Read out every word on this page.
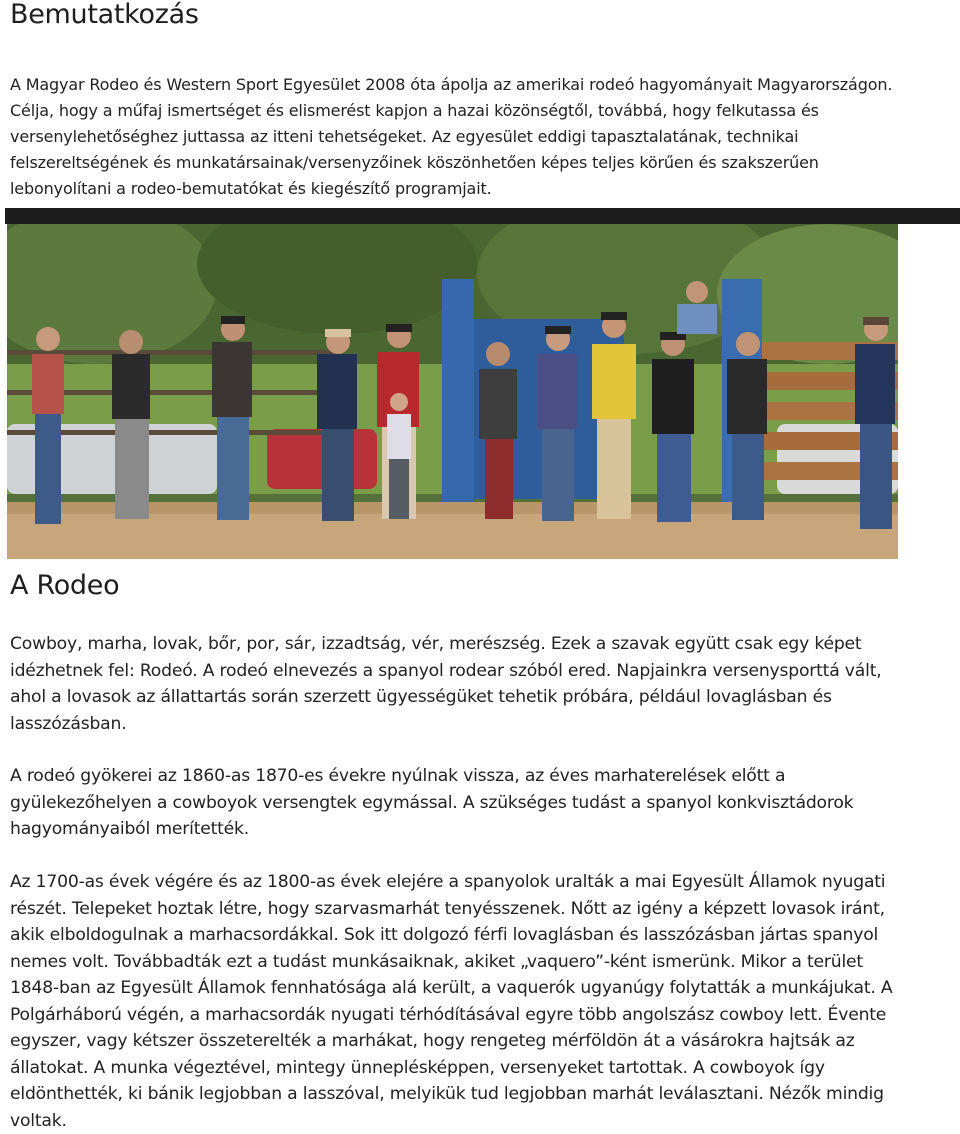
Bemutatkozás

A Magyar Rodeo és Western Sport Egyesület 2008 óta ápolja az amerikai rodeó hagyományait Magyarországon. Célja, hogy a műfaj ismertséget és elismerést kapjon a hazai közönségtől, továbbá, hogy felkutassa és versenylehetőséghez juttassa az itteni tehetségeket. Az egyesület eddigi tapasztalatának, technikai felszereltségének és munkatársainak/versenyzőinek köszönhetően képes teljes körűen és szakszerűen lebonyolítani a rodeo-bemutatókat és kiegészítő programjait.

A Rodeo

Cowboy, marha, lovak, bőr, por, sár, izzadtság, vér, merészség. Ezek a szavak együtt csak egy képet idézhetnek fel: Rodeó. A rodeó elnevezés a spanyol rodear szóból ered. Napjainkra versenysporttá vált, ahol a lovasok az állattartás során szerzett ügyességüket tehetik próbára, például lovaglásban és lasszózásban.

A rodeó gyökerei az 1860-as 1870-es évekre nyúlnak vissza, az éves marhaterelések előtt a gyülekezőhelyen a cowboyok versengtek egymással. A szükséges tudást a spanyol konkvisztádorok hagyományaiból merítették.

Az 1700-as évek végére és az 1800-as évek elejére a spanyolok uralták a mai Egyesült Államok nyugati részét. Telepeket hoztak létre, hogy szarvasmarhát tenyésszenek. Nőtt az igény a képzett lovasok iránt, akik elboldogulnak a marhacsordákkal. Sok itt dolgozó férfi lovaglásban és lasszózásban jártas spanyol nemes volt. Továbbadták ezt a tudást munkásaiknak, akiket „vaquero”-ként ismerünk. Mikor a terület 1848-ban az Egyesült Államok fennhatósága alá került, a vaquerók ugyanúgy folytatták a munkájukat. A Polgárháború végén, a marhacsordák nyugati térhódításával egyre több angolszász cowboy lett. Évente egyszer, vagy kétszer összeterelték a marhákat, hogy rengeteg mérföldön át a vásárokra hajtsák az állatokat. A munka végeztével, mintegy ünneplésképpen, versenyeket tartottak. A cowboyok így eldönthették, ki bánik legjobban a lasszóval, melyikük tud legjobban marhát leválasztani. Nézők mindig voltak.
